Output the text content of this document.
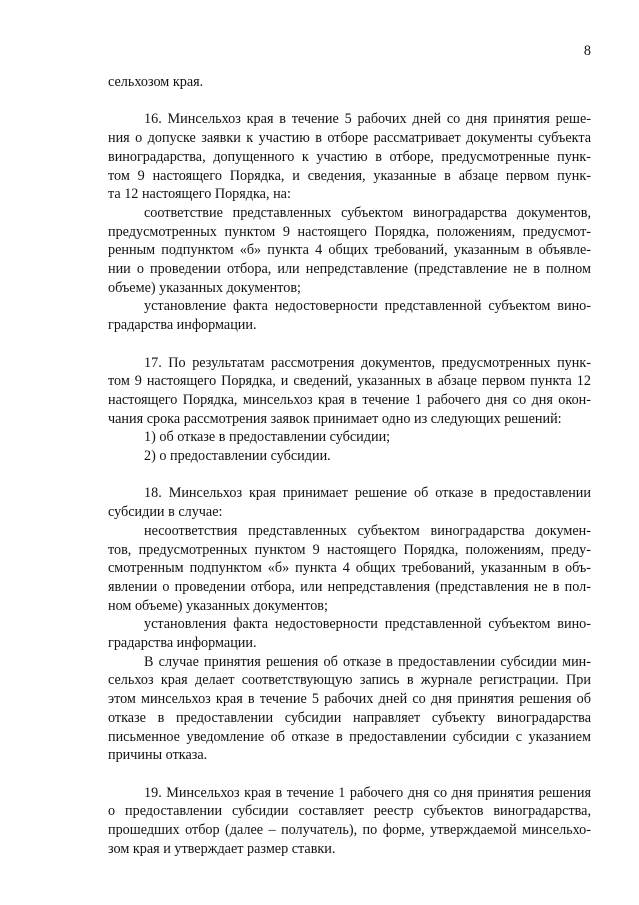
8
сельхозом края.
16. Минсельхоз края в течение 5 рабочих дней со дня принятия реше-
ния о допуске заявки к участию в отборе рассматривает документы субъекта
виноградарства, допущенного к участию в отборе, предусмотренные пунк-
том 9 настоящего Порядка, и сведения, указанные в абзаце первом пунк-
та 12 настоящего Порядка, на:
соответствие представленных субъектом виноградарства документов,
предусмотренных пунктом 9 настоящего Порядка, положениям, предусмот-
ренным подпунктом «б» пункта 4 общих требований, указанным в объявле-
нии о проведении отбора, или непредставление (представление не в полном
объеме) указанных документов;
установление факта недостоверности представленной субъектом вино-
градарства информации.
17. По результатам рассмотрения документов, предусмотренных пунк-
том 9 настоящего Порядка, и сведений, указанных в абзаце первом пункта 12
настоящего Порядка, минсельхоз края в течение 1 рабочего дня со дня окон-
чания срока рассмотрения заявок принимает одно из следующих решений:
1) об отказе в предоставлении субсидии;
2) о предоставлении субсидии.
18. Минсельхоз края принимает решение об отказе в предоставлении
субсидии в случае:
несоответствия представленных субъектом виноградарства докумен-
тов, предусмотренных пунктом 9 настоящего Порядка, положениям, преду-
смотренным подпунктом «б» пункта 4 общих требований, указанным в объ-
явлении о проведении отбора, или непредставления (представления не в пол-
ном объеме) указанных документов;
установления факта недостоверности представленной субъектом вино-
градарства информации.
В случае принятия решения об отказе в предоставлении субсидии мин-
сельхоз края делает соответствующую запись в журнале регистрации. При
этом минсельхоз края в течение 5 рабочих дней со дня принятия решения об
отказе в предоставлении субсидии направляет субъекту виноградарства
письменное уведомление об отказе в предоставлении субсидии с указанием
причины отказа.
19. Минсельхоз края в течение 1 рабочего дня со дня принятия решения
о предоставлении субсидии составляет реестр субъектов виноградарства,
прошедших отбор (далее – получатель), по форме, утверждаемой минсельхо-
зом края и утверждает размер ставки.
